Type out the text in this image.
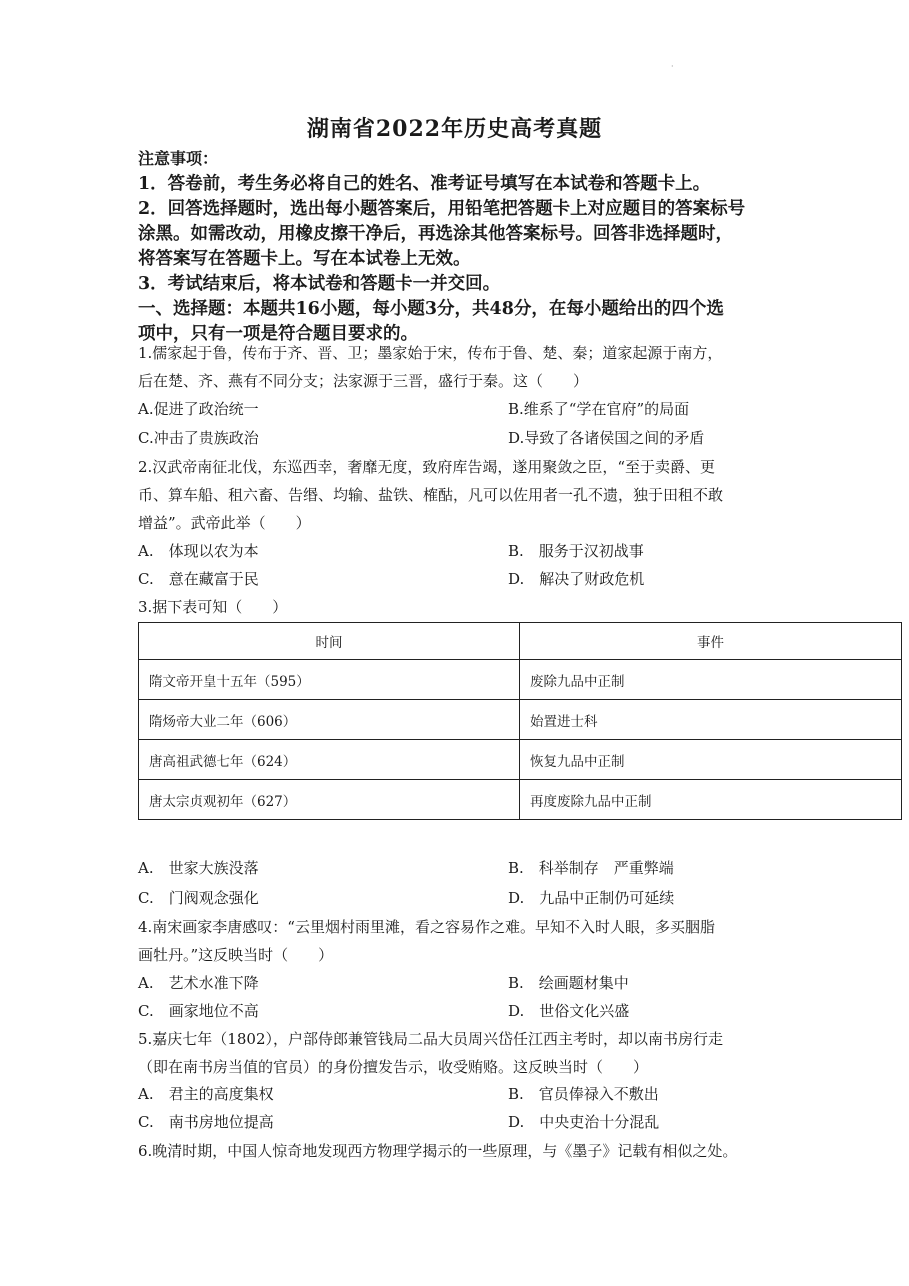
·
湖南省2022年历史高考真题
注意事项：
1．答卷前，考生务必将自己的姓名、准考证号填写在本试卷和答题卡上。
2．回答选择题时，选出每小题答案后，用铅笔把答题卡上对应题目的答案标号
涂黑。如需改动，用橡皮擦干净后，再选涂其他答案标号。回答非选择题时，
将答案写在答题卡上。写在本试卷上无效。
3．考试结束后，将本试卷和答题卡一并交回。
一、选择题：本题共16小题，每小题3分，共48分，在每小题给出的四个选
项中，只有一项是符合题目要求的。
1.儒家起于鲁，传布于齐、晋、卫；墨家始于宋，传布于鲁、楚、秦；道家起源于南方，
后在楚、齐、燕有不同分支；法家源于三晋，盛行于秦。这（　　）
A.促进了政治统一	B.维系了“学在官府”的局面
C.冲击了贵族政治	D.导致了各诸侯国之间的矛盾
2.汉武帝南征北伐，东巡西幸，奢靡无度，致府库告竭，遂用聚敛之臣，“至于卖爵、更
币、算车船、租六畜、告缗、均输、盐铁、榷酤，凡可以佐用者一孔不遗，独于田租不敢
增益”。武帝此举（　　）
A.　体现以农为本	B.　服务于汉初战事
C.　意在藏富于民	D.　解决了财政危机
3.据下表可知（　　）
时间	事件
隋文帝开皇十五年（595）	废除九品中正制
隋炀帝大业二年（606）	始置进士科
唐高祖武德七年（624）	恢复九品中正制
唐太宗贞观初年（627）	再度废除九品中正制
A.　世家大族没落	B.　科举制存　严重弊端
C.　门阀观念强化	D.　九品中正制仍可延续
4.南宋画家李唐感叹：“云里烟村雨里滩，看之容易作之难。早知不入时人眼，多买胭脂
画牡丹。”这反映当时（　　）
A.　艺术水准下降	B.　绘画题材集中
C.　画家地位不高	D.　世俗文化兴盛
5.嘉庆七年（1802），户部侍郎兼管钱局二品大员周兴岱任江西主考时，却以南书房行走
（即在南书房当值的官员）的身份擅发告示，收受贿赂。这反映当时（　　）
A.　君主的高度集权	B.　官员俸禄入不敷出
C.　南书房地位提高	D.　中央吏治十分混乱
6.晚清时期，中国人惊奇地发现西方物理学揭示的一些原理，与《墨子》记载有相似之处。
